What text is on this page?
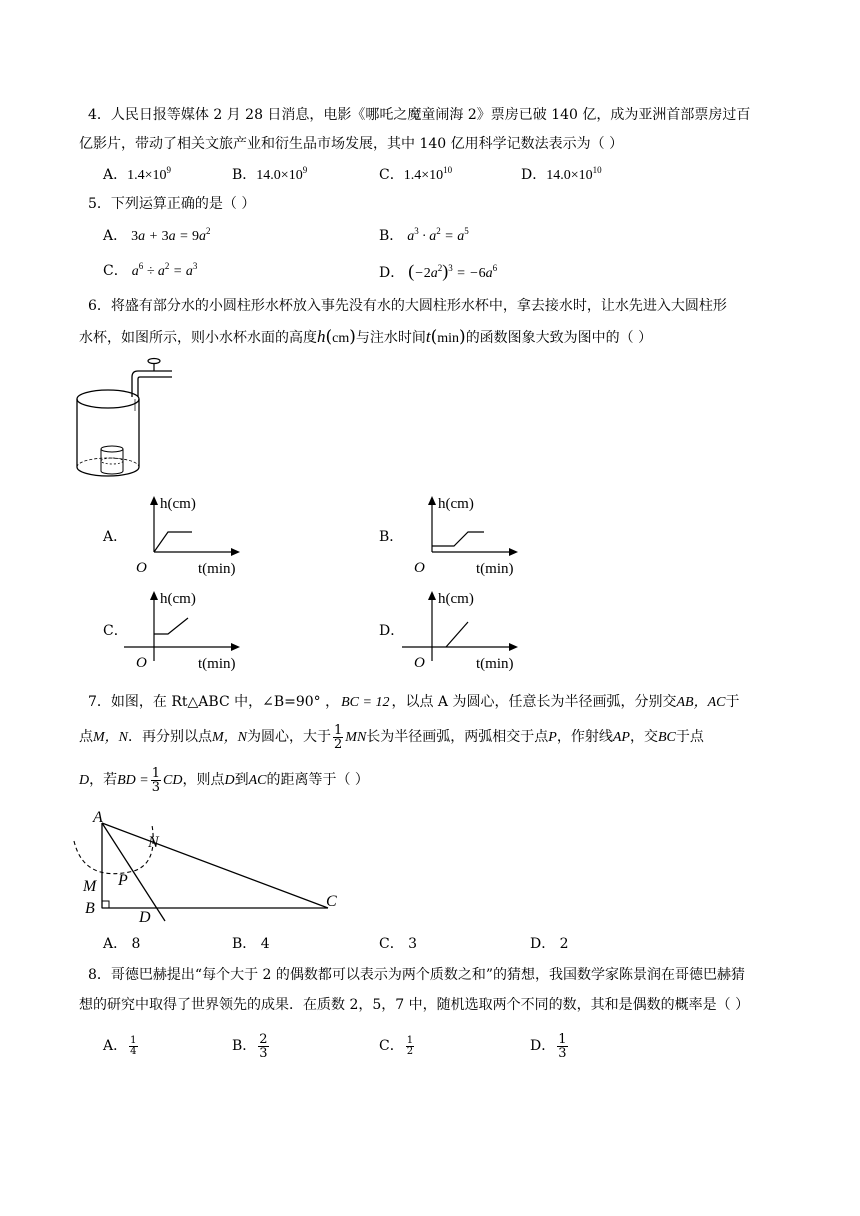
4．人民日报等媒体 2 月 28 日消息，电影《哪吒之魔童闹海 2》票房已破 140 亿，成为亚洲首部票房过百
亿影片，带动了相关文旅产业和衍生品市场发展，其中 140 亿用科学记数法表示为（ ）
A．$1.4\times 10^9$	B．$14.0\times 10^9$	C．$1.4\times 10^{10}$	D．$14.0\times 10^{10}$
5．下列运算正确的是（ ）
A． $3a + 3a = 9a^2$	B． $a^3 \cdot a^2 = a^5$
C． $a^6 \div a^2 = a^3$	D． $(-2a^2)^3 = -6a^6$
6．将盛有部分水的小圆柱形水杯放入事先没有水的大圆柱形水杯中，拿去接水时，让水先进入大圆柱形
水杯，如图所示，则小水杯水面的高度h(cm)与注水时间t(min)的函数图象大致为图中的（ ）
A．	B．
C．	D．
h(cm)
t(min)
O
h(cm)
t(min)
O
h(cm)
t(min)
O
h(cm)
t(min)
O
7．如图，在 Rt△ABC 中，∠B=90° ， BC = 12 ，以点 A 为圆心，任意长为半径画弧，分别交AB，AC于
点M，N．再分别以点M，N为圆心，大于 $\frac{1}{2}$ MN长为半径画弧，两弧相交于点P，作射线AP，交BC于点
D，若BD = $\frac{1}{3}$ CD，则点D到AC的距离等于（ ）
A
N
M P
B
D
C
A． 8	B． 4	C． 3	D． 2
8．哥德巴赫提出“每个大于 2 的偶数都可以表示为两个质数之和”的猜想，我国数学家陈景润在哥德巴赫猜
想的研究中取得了世界领先的成果．在质数 2，5，7 中，随机选取两个不同的数，其和是偶数的概率是（ ）
A． $\frac{1}{4}$	B． $\frac{2}{3}$	C． $\frac{1}{2}$	D． $\frac{1}{3}$
